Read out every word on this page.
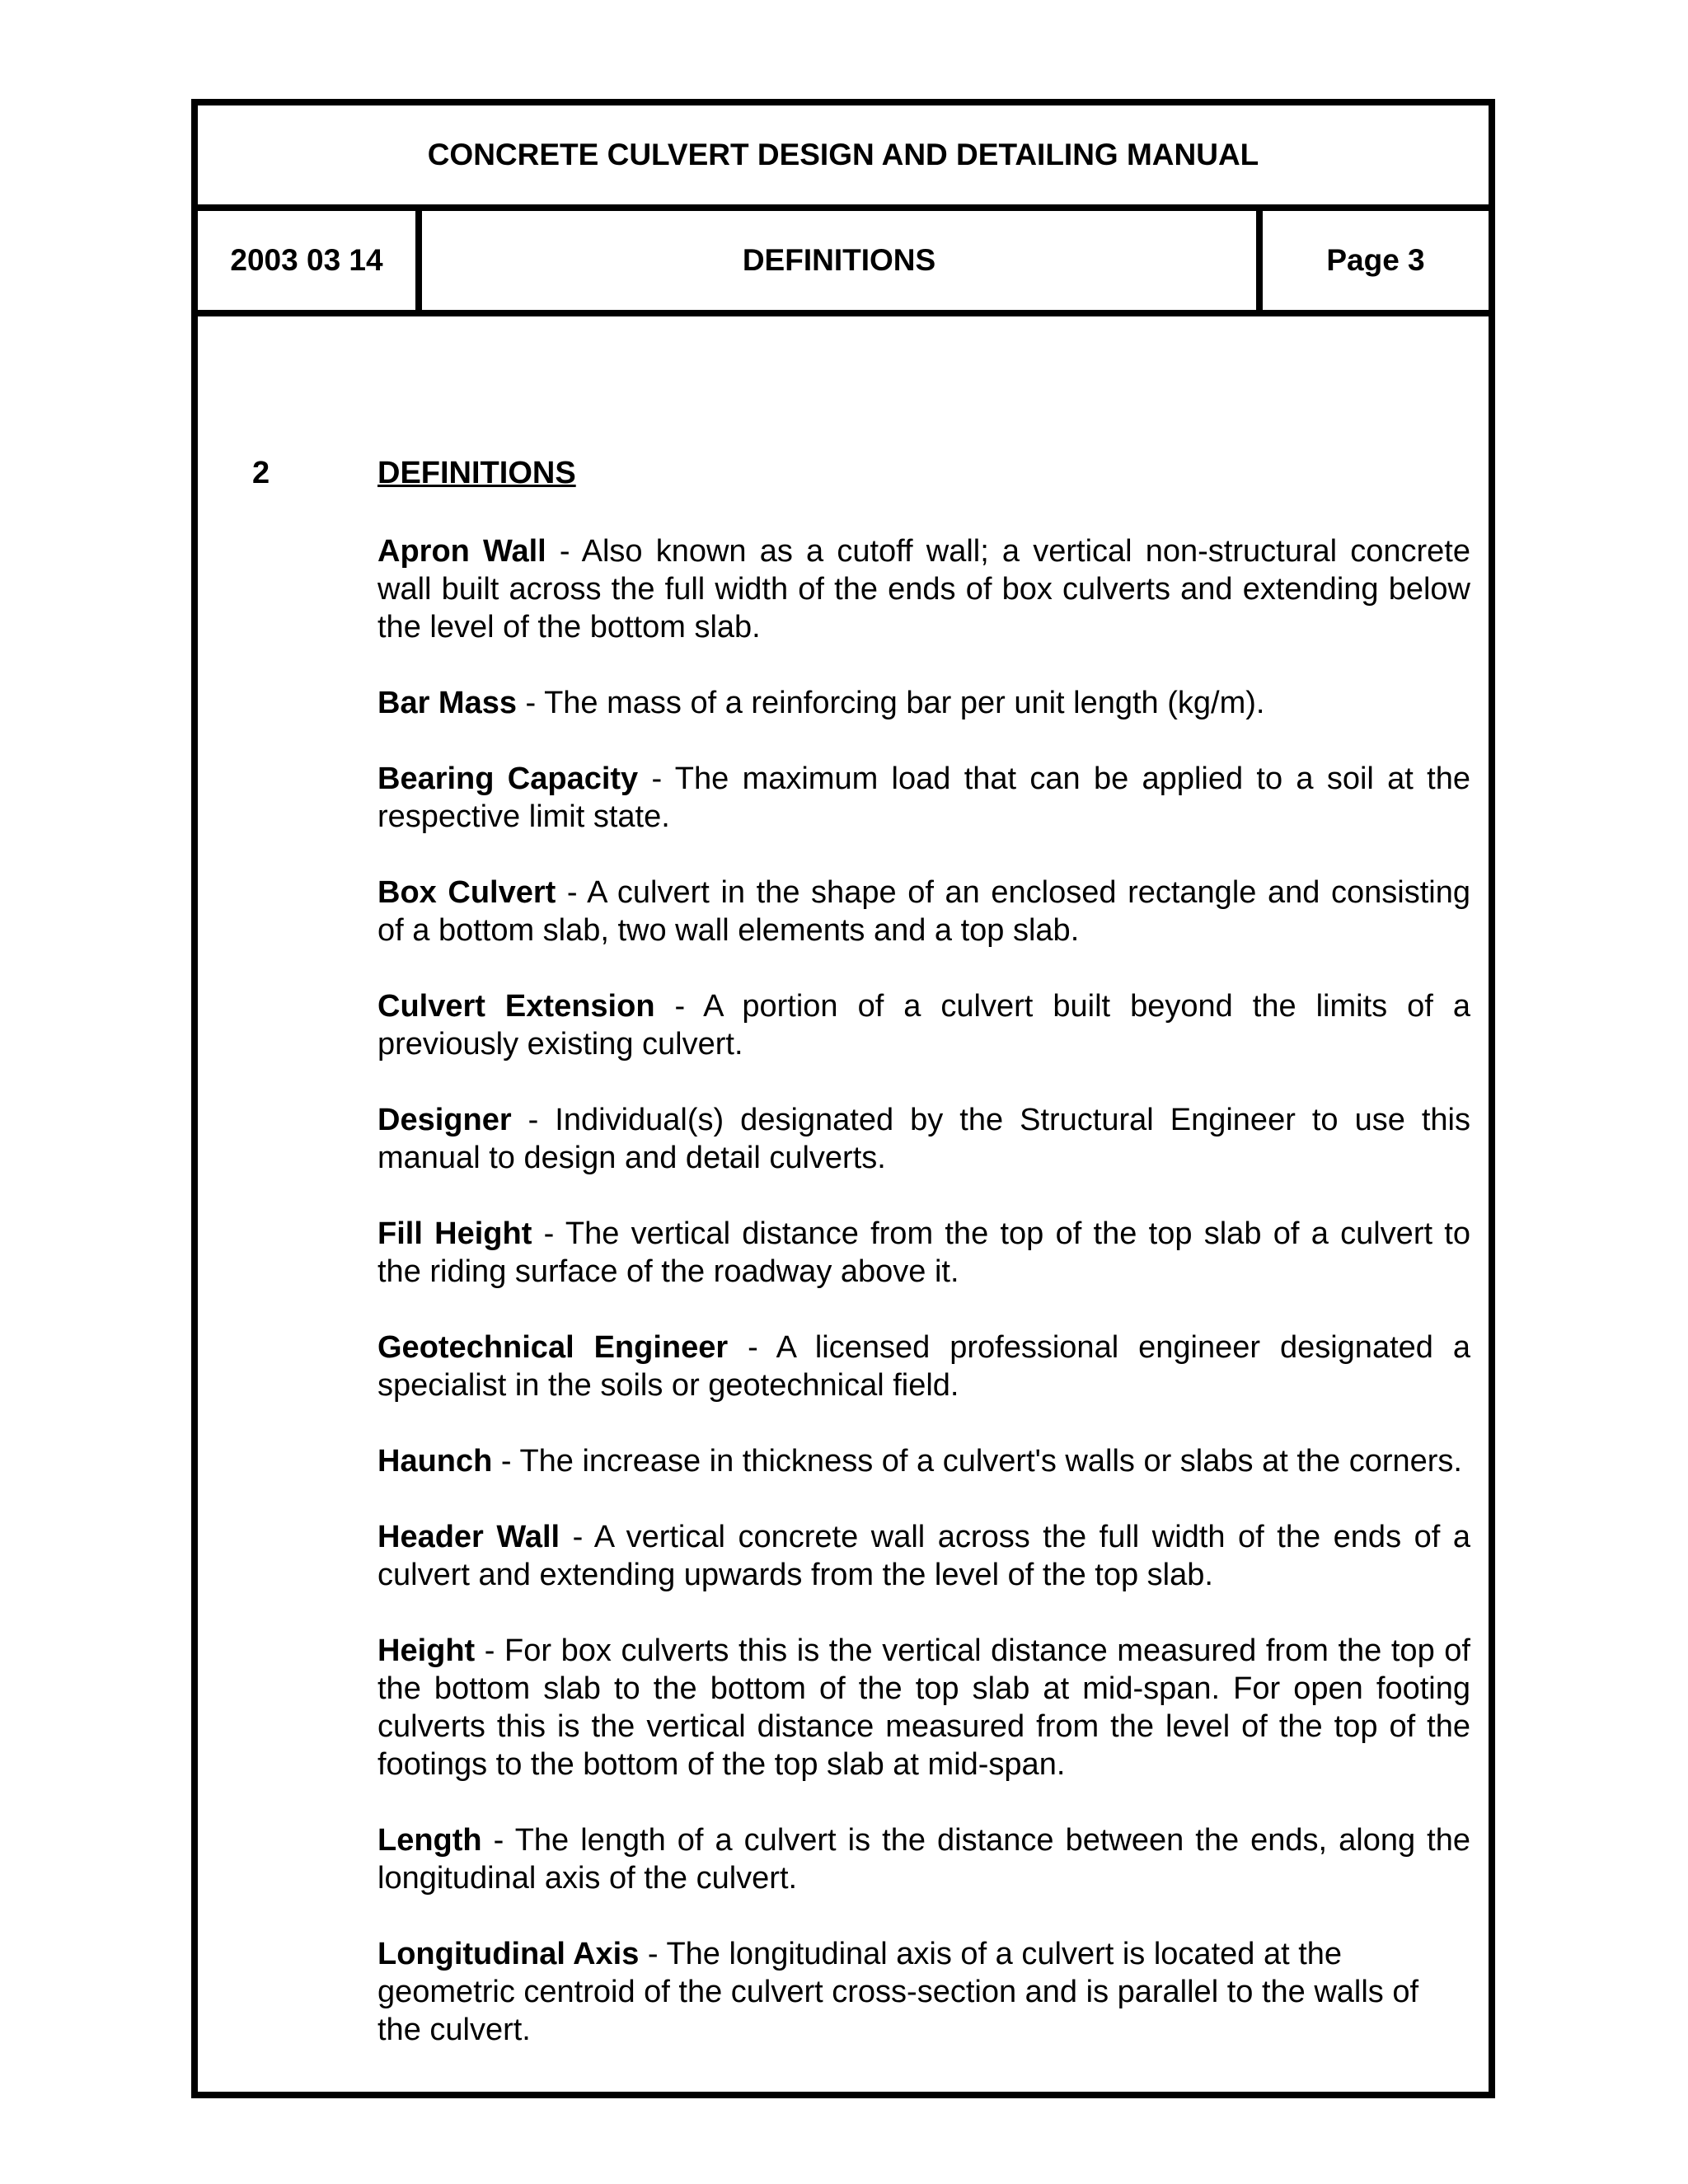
CONCRETE CULVERT DESIGN AND DETAILING MANUAL
2003 03 14	DEFINITIONS	Page 3
2	DEFINITIONS

Apron Wall - Also known as a cutoff wall; a vertical non-structural concrete wall built across the full width of the ends of box culverts and extending below the level of the bottom slab.

Bar Mass - The mass of a reinforcing bar per unit length (kg/m).

Bearing Capacity - The maximum load that can be applied to a soil at the respective limit state.

Box Culvert - A culvert in the shape of an enclosed rectangle and consisting of a bottom slab, two wall elements and a top slab.

Culvert Extension - A portion of a culvert built beyond the limits of a previously existing culvert.

Designer - Individual(s) designated by the Structural Engineer to use this manual to design and detail culverts.

Fill Height - The vertical distance from the top of the top slab of a culvert to the riding surface of the roadway above it.

Geotechnical Engineer - A licensed professional engineer designated a specialist in the soils or geotechnical field.

Haunch - The increase in thickness of a culvert's walls or slabs at the corners.

Header Wall - A vertical concrete wall across the full width of the ends of a culvert and extending upwards from the level of the top slab.

Height - For box culverts this is the vertical distance measured from the top of the bottom slab to the bottom of the top slab at mid-span. For open footing culverts this is the vertical distance measured from the level of the top of the footings to the bottom of the top slab at mid-span.

Length - The length of a culvert is the distance between the ends, along the longitudinal axis of the culvert.

Longitudinal Axis - The longitudinal axis of a culvert is located at the geometric centroid of the culvert cross-section and is parallel to the walls of the culvert.
